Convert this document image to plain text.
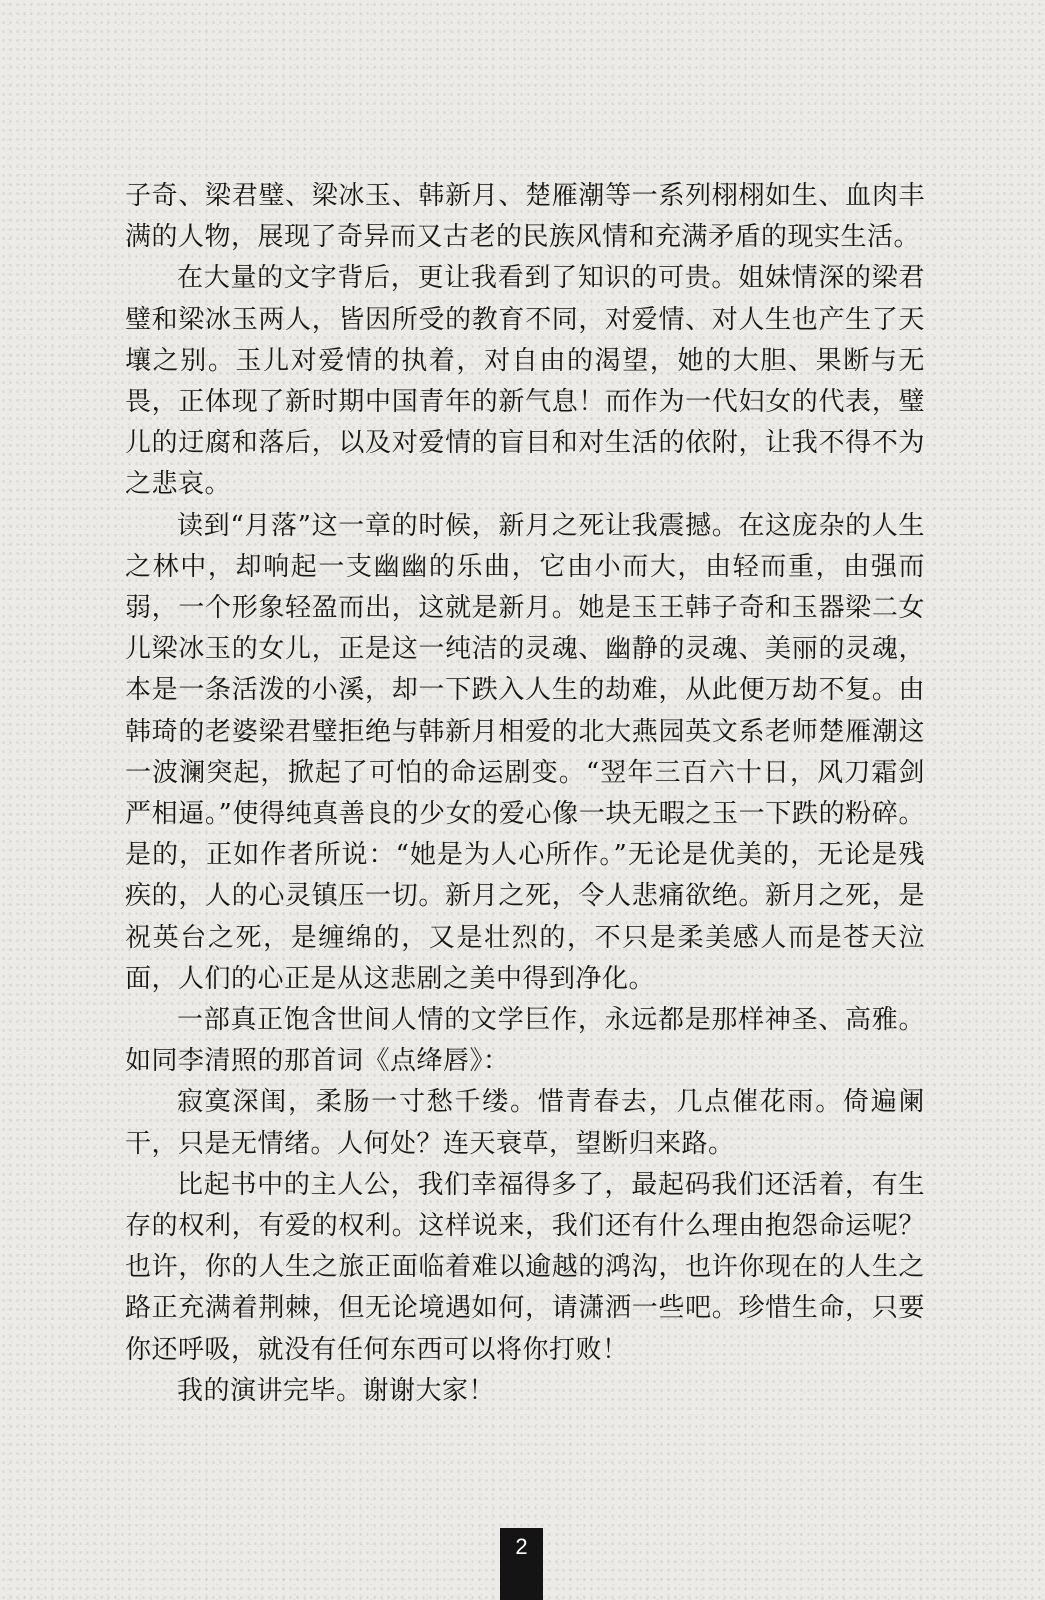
子奇、梁君璧、梁冰玉、韩新月、楚雁潮等一系列栩栩如生、血肉丰满的人物，展现了奇异而又古老的民族风情和充满矛盾的现实生活。

在大量的文字背后，更让我看到了知识的可贵。姐妹情深的梁君璧和梁冰玉两人，皆因所受的教育不同，对爱情、对人生也产生了天壤之别。玉儿对爱情的执着，对自由的渴望，她的大胆、果断与无畏，正体现了新时期中国青年的新气息！而作为一代妇女的代表，璧儿的迂腐和落后，以及对爱情的盲目和对生活的依附，让我不得不为之悲哀。

读到“月落”这一章的时候，新月之死让我震撼。在这庞杂的人生之林中，却响起一支幽幽的乐曲，它由小而大，由轻而重，由强而弱，一个形象轻盈而出，这就是新月。她是玉王韩子奇和玉器梁二女儿梁冰玉的女儿，正是这一纯洁的灵魂、幽静的灵魂、美丽的灵魂，本是一条活泼的小溪，却一下跌入人生的劫难，从此便万劫不复。由韩琦的老婆梁君璧拒绝与韩新月相爱的北大燕园英文系老师楚雁潮这一波澜突起，掀起了可怕的命运剧变。“翌年三百六十日，风刀霜剑严相逼。”使得纯真善良的少女的爱心像一块无暇之玉一下跌的粉碎。是的，正如作者所说：“她是为人心所作。”无论是优美的，无论是残疾的，人的心灵镇压一切。新月之死，令人悲痛欲绝。新月之死，是祝英台之死，是缠绵的，又是壮烈的，不只是柔美感人而是苍天泣面，人们的心正是从这悲剧之美中得到净化。

一部真正饱含世间人情的文学巨作，永远都是那样神圣、高雅。如同李清照的那首词《点绛唇》：

寂寞深闺，柔肠一寸愁千缕。惜青春去，几点催花雨。倚遍阑干，只是无情绪。人何处？连天衰草，望断归来路。

比起书中的主人公，我们幸福得多了，最起码我们还活着，有生存的权利，有爱的权利。这样说来，我们还有什么理由抱怨命运呢？也许，你的人生之旅正面临着难以逾越的鸿沟，也许你现在的人生之路正充满着荆棘，但无论境遇如何，请潇洒一些吧。珍惜生命，只要你还呼吸，就没有任何东西可以将你打败！

我的演讲完毕。谢谢大家！

2
